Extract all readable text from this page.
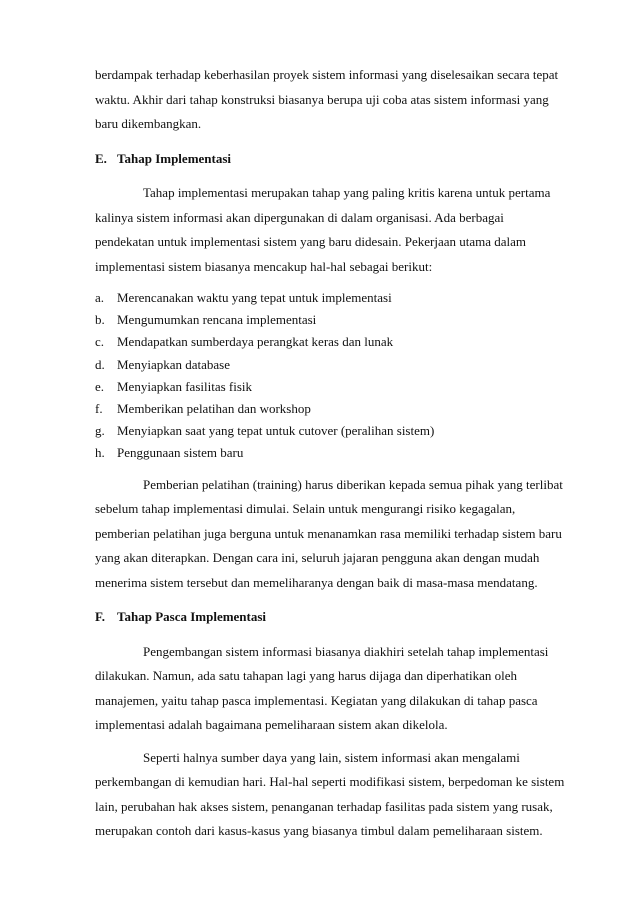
berdampak terhadap keberhasilan proyek sistem informasi yang diselesaikan secara tepat
waktu. Akhir dari tahap konstruksi biasanya berupa uji coba atas sistem informasi yang
baru dikembangkan.

E. Tahap Implementasi

Tahap implementasi merupakan tahap yang paling kritis karena untuk pertama
kalinya sistem informasi akan dipergunakan di dalam organisasi. Ada berbagai
pendekatan untuk implementasi sistem yang baru didesain. Pekerjaan utama dalam
implementasi sistem biasanya mencakup hal-hal sebagai berikut:

a. Merencanakan waktu yang tepat untuk implementasi
b. Mengumumkan rencana implementasi
c. Mendapatkan sumberdaya perangkat keras dan lunak
d. Menyiapkan database
e. Menyiapkan fasilitas fisik
f. Memberikan pelatihan dan workshop
g. Menyiapkan saat yang tepat untuk cutover (peralihan sistem)
h. Penggunaan sistem baru

Pemberian pelatihan (training) harus diberikan kepada semua pihak yang terlibat
sebelum tahap implementasi dimulai. Selain untuk mengurangi risiko kegagalan,
pemberian pelatihan juga berguna untuk menanamkan rasa memiliki terhadap sistem baru
yang akan diterapkan. Dengan cara ini, seluruh jajaran pengguna akan dengan mudah
menerima sistem tersebut dan memeliharanya dengan baik di masa-masa mendatang.

F. Tahap Pasca Implementasi

Pengembangan sistem informasi biasanya diakhiri setelah tahap implementasi
dilakukan. Namun, ada satu tahapan lagi yang harus dijaga dan diperhatikan oleh
manajemen, yaitu tahap pasca implementasi. Kegiatan yang dilakukan di tahap pasca
implementasi adalah bagaimana pemeliharaan sistem akan dikelola.

Seperti halnya sumber daya yang lain, sistem informasi akan mengalami
perkembangan di kemudian hari. Hal-hal seperti modifikasi sistem, berpedoman ke sistem
lain, perubahan hak akses sistem, penanganan terhadap fasilitas pada sistem yang rusak,
merupakan contoh dari kasus-kasus yang biasanya timbul dalam pemeliharaan sistem.
